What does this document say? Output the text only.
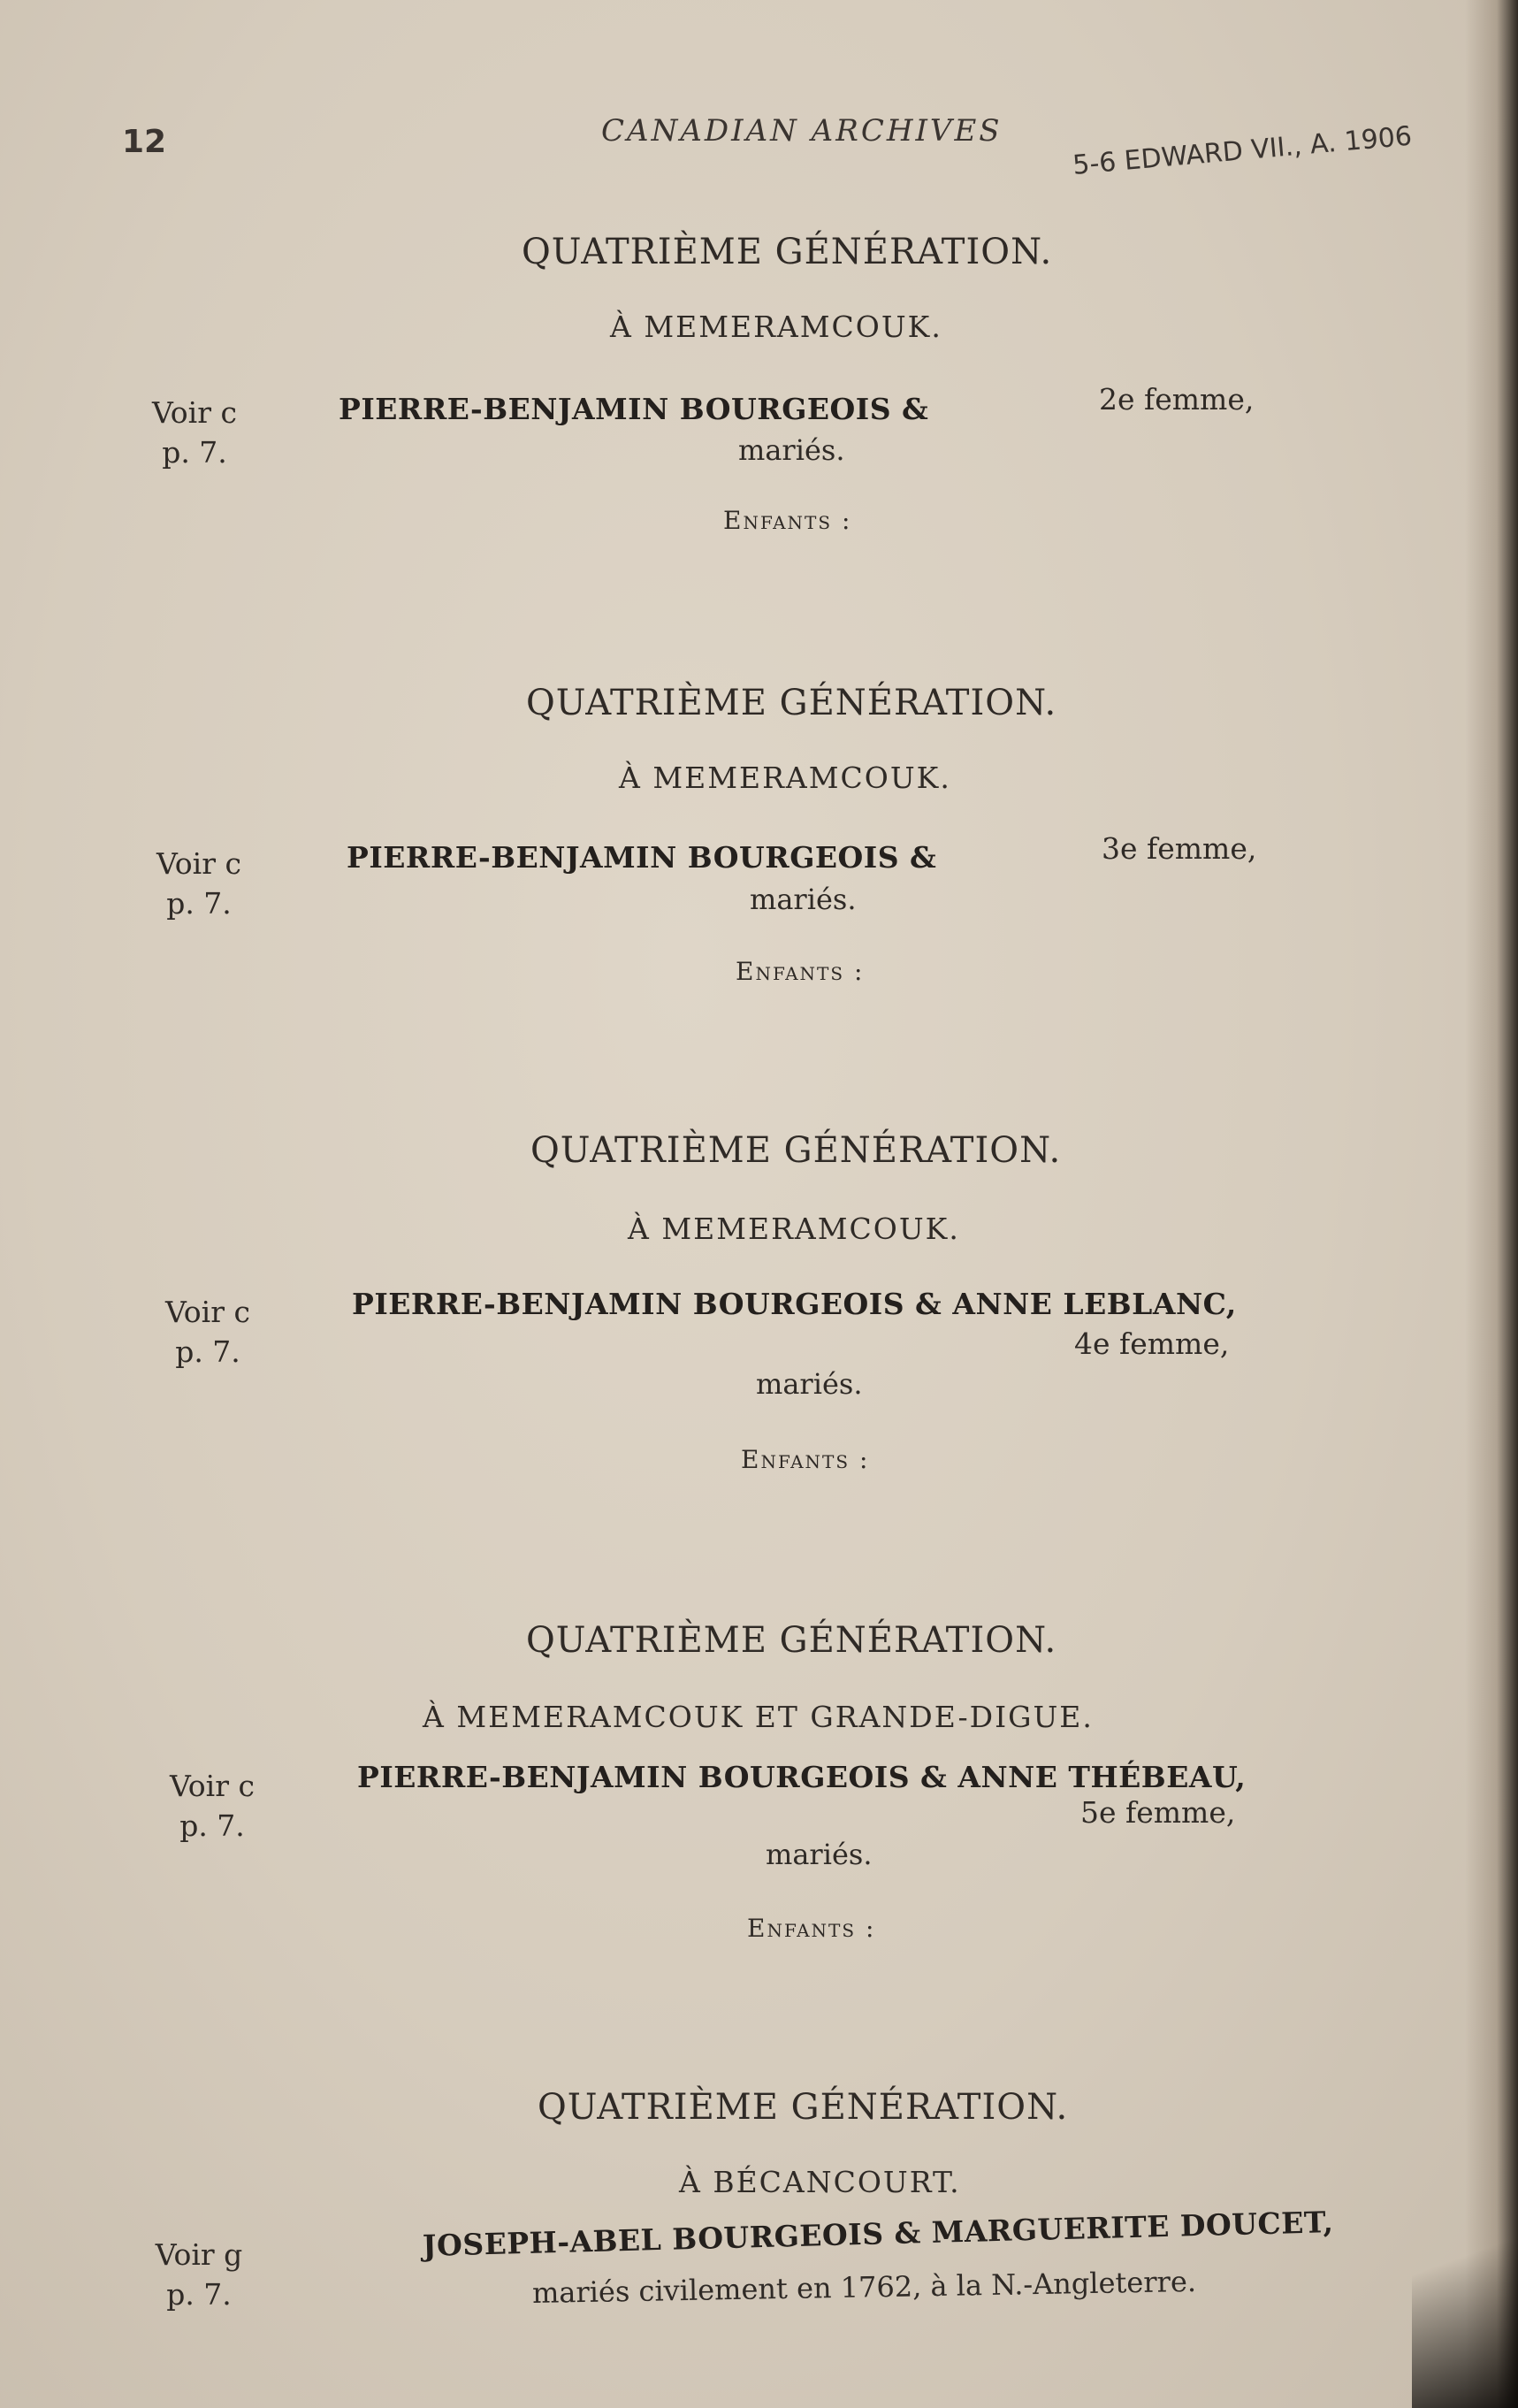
12	CANADIAN ARCHIVES	5-6 EDWARD VII., A. 1906
QUATRIÈME GÉNÉRATION.
À MEMERAMCOUK.
Voir c
p. 7.
PIERRE-BENJAMIN BOURGEOIS &	2e femme,
mariés.
Enfants :
QUATRIÈME GÉNÉRATION.
À MEMERAMCOUK.
Voir c
p. 7.
PIERRE-BENJAMIN BOURGEOIS &	3e femme,
mariés.
Enfants :
QUATRIÈME GÉNÉRATION.
À MEMERAMCOUK.
Voir c
p. 7.
PIERRE-BENJAMIN BOURGEOIS & ANNE LEBLANC,
4e femme,
mariés.
Enfants :
QUATRIÈME GÉNÉRATION.
À MEMERAMCOUK ET GRANDE-DIGUE.
Voir c
p. 7.
PIERRE-BENJAMIN BOURGEOIS & ANNE THÉBEAU,
5e femme,
mariés.
Enfants :
QUATRIÈME GÉNÉRATION.
À BÉCANCOURT.
Voir g
p. 7.
JOSEPH-ABEL BOURGEOIS & MARGUERITE DOUCET,
mariés civilement en 1762, à la N.-Angleterre.
